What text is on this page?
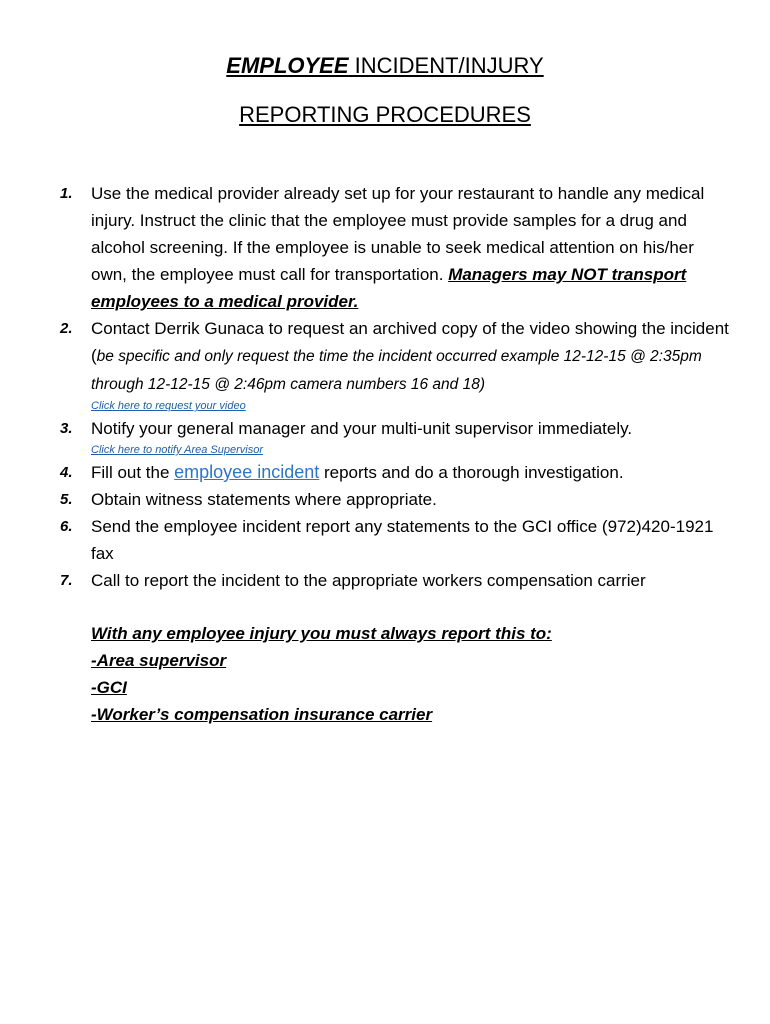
EMPLOYEE INCIDENT/INJURY
REPORTING PROCEDURES
1.	Use the medical provider already set up for your restaurant to handle any medical injury. Instruct the clinic that the employee must provide samples for a drug and alcohol screening. If the employee is unable to seek medical attention on his/her own, the employee must call for transportation. Managers may NOT transport employees to a medical provider.
2.	Contact Derrik Gunaca to request an archived copy of the video showing the incident (be specific and only request the time the incident occurred example 12-12-15 @ 2:35pm through 12-12-15 @ 2:46pm camera numbers 16 and 18)
Click here to request your video
3.	Notify your general manager and your multi-unit supervisor immediately.
Click here to notify Area Supervisor
4.	Fill out the employee incident reports and do a thorough investigation.
5.	Obtain witness statements where appropriate.
6.	Send the employee incident report any statements to the GCI office (972)420-1921 fax
7.	Call to report the incident to the appropriate workers compensation carrier
With any employee injury you must always report this to:
-Area supervisor
-GCI
-Worker’s compensation insurance carrier
